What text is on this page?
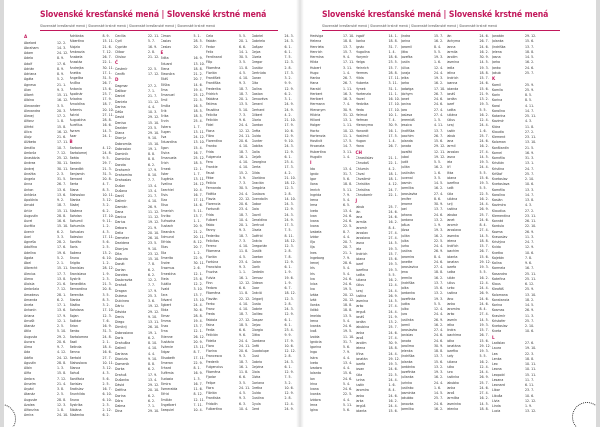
Slovenské kresťanské mená | Slovenské krstné mená
Slovenské kresťanské mená | Slovenské krstné mená | Slovenské kresťanské mená | Slovenské krstné mená
A
Abelard	12. 2.
Abraham	14. 3.
Adam	24. 12.
Adela	8. 9.
Adolf	17. 6.
Adrián	8. 9.
Adriana	8. 9.
Agáta	5. 2.
Agnesa	21. 1.
Alan	9. 3.
Albert	15. 11.
Albína	16. 12.
Alexander	3. 5.
Alexandra	20. 3.
Alexej	17. 2.
Alfonz	1. 8.
Alfréd	15. 8.
Alica	16. 12.
Alojz	21. 6.
Alžbeta	17. 11.
Amália	10. 7.
Ambróz	7. 12.
Anastázia	25. 12.
Andrea	30. 11.
Andrej	30. 11.
Anežka	2. 3.
Angela	31. 5.
Anna	26. 7.
Anton	13. 6.
Antónia	13. 6.
Apolónia	9. 2.
Arnold	18. 7.
Artúr	15. 11.
Augustín	28. 8.
Aurel	16. 6.
Aurélia	15. 10.
Avenir	6. 2.
Axel	3. 3.
Agneša	28. 2.
Adolfína	17. 6.
Adelína	19. 6.
Ágota	5. 2.
Ábel	2. 1.
Albrecht	15. 11.
Alexius	17. 7.
Alena	13. 8.
Aloisia	21. 6.
Ambrózia	7. 12.
Amadeus	28. 1.
Amanda	6. 2.
Aneta	17. 1.
Antonín	13. 6.
Ariana	17. 9.
Arnošt	12. 1.
Atanáz	2. 5.
Atila	5. 10.
Augusta	29. 2.
Aurora	20. 6.
Alma	9. 7.
Ada	4. 12.
Adéla	24. 12.
Agustín	28. 8.
Albín	1. 3.
Alfia	15. 8.
Ambra	7. 12.
Anselm	21. 4.
Arpád	3. 8.
Atanáz	2. 5.
Auguste	28. 8.
Azalea	12. 3.
Alfonzína	1. 8.
Amíra	24. 10.
Adriánka	8. 9.
Albertína	15. 11.
Alojzia	21. 6.
Ambrozia	7. 12.
Anabela	26. 7.
Anastáz	22. 1.
Andrejka	30. 11.
Anetka	17. 1.
Angelika	31. 5.
Anička	26. 7.
Antonia	13. 6.
Apolinár	23. 7.
Ariadna	17. 9.
Arnoldína	18. 7.
Artemis	20. 10.
Astrid	27. 11.
Augustína	28. 8.
Aurélius	16. 6.
Avram	14. 3.
Azar	24. 1.
B
Barbora	4. 12.
Bartolomej	24. 8.
Beáta	9. 5.
Beatrix	29. 7.
Benedikt	21. 3.
Benjamín	31. 3.
Bernard	20. 8.
Berta	4. 7.
Biana	8. 3.
Blahoslav	10. 11.
Blanka	3. 12.
Blažej	3. 2.
Blažena	6. 2.
Bohdan	17. 10.
Bohumil	9. 11.
Bohumila	1. 2.
Bohuslav	4. 3.
Boleslav	17. 11.
Bonifác	5. 6.
Boris	2. 5.
Božena	13. 2.
Bruno	6. 10.
Brigita	1. 2.
Bronislav	28. 12.
Bronislava	1. 9.
Bystrík	2. 3.
Benedikta	21. 3.
Bernardína	20. 8.
Berenika	3. 5.
Bianka	8. 3.
Blažka	3. 2.
Bohdana	17. 10.
Bojan	12. 3.
Božidar	7. 6.
Brian	16. 9.
Benko	31. 3.
Bartolomea	24. 8.
Bazil	2. 1.
Belinda	18. 4.
Benno	16. 6.
Bertold	27. 7.
Blahoslava	10. 11.
Blanca	3. 12.
Bohuš	4. 3.
Bonifácia	5. 6.
Borislav	2. 5.
Bratislav	16. 7.
Brunhilda	6. 10.
Bruna	6. 10.
Bystríka	2. 3.
Bibiána	2. 12.
Blaženka	6. 2.
Cecília	22. 11.
Cyril	5. 7.
Cyprián	16. 9.
Ctibor	2. 8.
Ctislav	21. 12.
Č
Čestmír	22. 5.
Čeněk	17. 12.
D
Dagmar	27. 2.
Dalibor	7. 1.
Daniel	21. 7.
Daniela	11. 12.
Darina	4. 4.
Dáša	10. 3.
David	29. 12.
Denisa	15. 10.
Dezider	23. 5.
Diana	29. 10.
Dionýz	9. 10.
Dobromila	15. 10.
Dobroslav	19. 1.
Dominik	8. 8.
Dominika	8. 8.
Dorota	6. 2.
Drahomír	17. 9.
Drahomíra	8. 10.
Drahoslav	7. 7.
Dušan	13. 4.
Dušana	13. 4.
Daniš	21. 7.
Dalimír	4. 10.
Damián	26. 9.
Dana	11. 12.
Danica	11. 12.
Darius	19. 12.
Debora	21. 9.
Delia	20. 10.
Demeter	26. 10.
Dezidera	23. 5.
Dionýza	9. 10.
Dita	23. 12.
Dobrota	15. 10.
Donát	7. 8.
Dorian	6. 2.
Dorotea	6. 2.
Doubravka	12. 2.
Drahoš	7. 7.
Dragan	17. 9.
Dukesa	25. 3.
Dulcinea	3. 6.
Dáriu	19. 12.
Dávida	29. 12.
Denis	9. 10.
Diego	13. 11.
Dimitrij	26. 10.
Dobroslava	19. 1.
Doris	6. 2.
Drahuška	8. 10.
Dalimil	4. 10.
Dariana	4. 4.
Dionizia	9. 10.
Domenik	8. 8.
Dorka	6. 2.
Drahuš	17. 9.
Dušanka	13. 4.
Dávid	29. 12.
Delfína	20. 10.
Dorina	6. 2.
Dóra	6. 2.
Dalma	7. 1.
Dina	29. 10.
Čimon	5. 1.
Časlav	28. 5.
Česlav	20. 7.
E
Edita	16. 9.
Eduard	13. 10.
Elena	18. 8.
Eleonóra	21. 2.
Eliáš	20. 7.
Eliška	14. 6.
Ema	19. 4.
Emanuel	25. 12.
Emil	22. 5.
Emília	16. 5.
Erik	18. 5.
Erika	18. 5.
Ervín	25. 4.
Estera	1. 7.
Eugen	13. 11.
Eva	24. 12.
Eduardína	13. 10.
Egon	15. 4.
Elvíra	16. 7.
Emanuela	25. 12.
Erich	18. 5.
Ernest	12. 1.
Ester	1. 7.
Eugénia	13. 11.
Evelína	24. 12.
Ezechiel	10. 4.
Elvis	16. 7.
Elza	17. 11.
Elisa	14. 6.
Emerich	5. 11.
Enriko	13. 7.
Eufrozína	1. 1.
Eustach	20. 9.
Eleanóra	21. 2.
Edmund	20. 11.
Elfrída	8. 12.
Elias	20. 7.
Ella	1. 2.
Emerita	22. 9.
Endre	30. 11.
Erazmus	2. 6.
Ernestína	12. 1.
Etela	23. 6.
Eulália	12. 2.
Evald	3. 10.
Ezra	13. 7.
Edvard	13. 10.
Egbert	24. 4.
Elida	30. 6.
Elmar	28. 8.
Emma	19. 4.
Enzo	13. 7.
Erna	12. 1.
Etienne	26. 12.
Eustácia	20. 9.
Evženie	13. 11.
Edgar	8. 7.
Elisabeth	17. 11.
Emeran	22. 9.
Erhard	8. 1.
Eufémia	16. 9.
Eudoxia	1. 3.
Elmira	16. 7.
Esmeralda	11. 6.
Elfrid	8. 12.
Emilián	12. 11.
Engelbert	7. 11.
Ezequiel	10. 4.
Cela	5. 5.
Fabián	20. 1.
Fedor	6. 6.
Felix	14. 1.
Ferdinand	30. 5.
Filip	3. 5.
Filoména	11. 8.
Florián	4. 5.
František	4. 10.
Františka	9. 3.
Frederika	18. 7.
Fridrich	18. 7.
Fabiána	20. 1.
Fatima	13. 5.
Faustína	5. 10.
Felicita	7. 3.
Felicián	9. 6.
Fidel	24. 4.
Fiona	12. 12.
Flóra	24. 11.
Florentína	20. 6.
Franko	4. 10.
Frida	18. 7.
Fulgencia	16. 1.
Fero	4. 10.
Frankie	4. 10.
Faust	15. 2.
Fébe	3. 9.
Felícia	7. 3.
Fernanda	30. 5.
Fidélia	24. 4.
Flavia	22. 12.
Florencia	20. 6.
Fortunát	23. 4.
Frída	18. 7.
Fulbert	10. 4.
Fabio	20. 1.
Fanny	9. 3.
Federiko	18. 7.
Felicitas	7. 3.
Ferenc	4. 10.
Filomena	11. 8.
Florián	4. 5.
Fortúna	23. 4.
Franciska	9. 3.
Fruzína	1. 1.
Fulvia	16. 1.
Finn	12. 12.
Fedora	6. 6.
Filoména	11. 8.
Flavián	22. 12.
Ferko	4. 10.
Franz	4. 10.
Freda	18. 7.
Fabiola	27. 12.
Faina	18. 5.
Fedia	6. 6.
Felícián	9. 6.
Fidelia	24. 4.
Flora	24. 11.
Florina	20. 6.
Francesca	9. 3.
Frederik	18. 7.
Fulgencius	16. 1.
Filoména	11. 8.
Fjodor	6. 6.
Felipe	3. 5.
Fiora	24. 11.
Flórián	4. 5.
Frantiska	9. 3.
Fridolín	6. 3.
Fulbertína	10. 4.
Gabriel	24. 3.
Gabriela	24. 3.
Gašpar	6. 1.
Gejza	6. 1.
Gizela	7. 5.
Gregor	12. 3.
Gustáv	2. 8.
Gertrúda	17. 3.
Goran	3. 2.
Gita	9. 9.
Galina	12. 9.
Gaston	6. 2.
Genovéva	3. 1.
Gerard	24. 9.
Gerhard	24. 9.
Gilbert	4. 2.
Gloria	21. 10.
Gordon	17. 9.
Gréta	10. 6.
Guido	12. 9.
Gunter	9. 10.
Gabika	24. 3.
Galia	12. 9.
Gejzík	6. 1.
Georgína	23. 4.
Gerta	17. 3.
Gilda	4. 2.
Gloriána	21. 10.
Gracián	18. 12.
Gregória	12. 3.
Gustava	2. 8.
Gvendolín	14. 10.
Gabor	24. 3.
Gaia	12. 9.
Gavril	24. 3.
Geraldína	24. 9.
Gertrud	17. 3.
Gisela	7. 5.
Gotfrid	8. 11.
Grácia	18. 12.
Gregorián	12. 3.
Gustík	2. 8.
Gaetan	7. 8.
Galan	12. 9.
Garik	6. 1.
Gedeón	1. 9.
Gervaz	19. 6.
Gideon	1. 9.
Goar	6. 7.
Gráció	18. 12.
Grigorij	12. 3.
Gusto	2. 8.
Gabrie	24. 3.
Galileo	12. 9.
Gaspar	6. 1.
Gejzo	6. 1.
Giorgio	23. 4.
Gitka	9. 9.
Gordana	17. 9.
Gréti	10. 6.
Guadalupe	12. 12.
Gust	2. 8.
Gabrio	24. 3.
Gejzina	6. 1.
Gioia	12. 9.
Gizka	7. 5.
Goriana	3. 2.
Gretka	10. 6.
Guldo	12. 9.
Gustina	2. 8.
Gyula	12. 4.
Gerd	24. 9.
Slovenské kresťanské mená | Slovenské krstné mená
Slovenské kresťanské mená | Slovenské krstné mená | Slovenské kresťanské mená | Slovenské krstné mená
Hedviga	17. 10.
Helena	18. 8.
Henrieta	13. 7.
Henrich	15. 7.
Hermína	9. 4.
Hilda	17. 11.
Hubert	3. 11.
Hugo	1. 4.
Hanka	26. 7.
Hana	26. 7.
Harald	1. 11.
Herbert	16. 3.
Heribert	16. 3.
Hermann	7. 4.
Hieronym	30. 9.
Hilária	31. 12.
Hiliard	13. 1.
Holger	1. 11.
Horác	10. 12.
Hortenzia	11. 1.
Hostivít	17. 5.
Hroznata	14. 7.
Hubertína	3. 11.
Hugolín	1. 4.
I
Ida	13. 4.
Ignác	31. 7.
Igor	5. 6.
Ilona	18. 8.
Imrich	5. 11.
Ingrida	7. 9.
Irena	5. 4.
Irma	6. 5.
Iveta	13. 4.
Ivan	24. 6.
Ivana	24. 6.
Ivona	22. 5.
Izabela	8. 7.
Izidor	4. 4.
Iľja	20. 7.
Ilja	20. 7.
Ines	21. 1.
Ingeborg	7. 9.
Irenej	28. 6.
Irís	5. 4.
Iris	5. 4.
Iva	24. 6.
Ivica	24. 6.
Ivo	19. 5.
Izáka	20. 12.
Izák	20. 12.
Ilonka	18. 8.
Ildikó	18. 8.
Imelda	13. 5.
Irena	5. 4.
Ivanka	24. 6.
Ivoš	19. 5.
Izolda	11. 10.
Ignácia	31. 7.
Igorina	5. 6.
Ingo	7. 9.
Iskra	4. 4.
Iveta	13. 4.
Izadora	4. 4.
Iolanta	15. 6.
Ion	24. 6.
Irina	5. 4.
Ivana	24. 6.
Ivonka	22. 5.
Izidora	4. 4.
Imra	5. 11.
Igina	5. 6.
Ingolf	14. 1.
Ilonka	18. 8.
Ignác	31. 7.
Hugolína	1. 4.
Horymír	18. 6.
Helga	23. 5.
Heinrich	15. 7.
Hermes	28. 8.
Hilda	17. 11.
Huberta	3. 11.
Hynek	31. 1.
Hortenzia	11. 1.
Havel	16. 10.
Hedvika	17. 10.
Heda	17. 10.
Helmut	10. 1.
Heřman	7. 4.
Hieronyma	30. 9.
Honorát	16. 1.
Hostimil	17. 5.
Hugon	1. 4.
Hana	26. 7.
CH
Chrastislav	21. 1.
Chrudoš	22. 1.
Chlumín	4. 2.
Chval	18. 1.
Chvalimír	18. 1.
Christián	4. 12.
Christína	24. 7.
Chrudomír	22. 1.
J
Jakub	25. 7.
Ján	24. 6.
Jana	24. 6.
Jarmila	16. 2.
Jaromír	8. 4.
Jaroslav	27. 4.
Jaroslava	27. 4.
Jasna	14. 5.
Jela	19. 3.
Jindrich	15. 7.
Jolana	15. 6.
Jozef	19. 3.
Jozefína	19. 3.
Judita	5. 5.
Juliana	16. 2.
Július	12. 4.
Juraj	24. 4.
Justína	26. 9.
Jasmína	14. 5.
Jarko	27. 4.
Jerguš	24. 4.
Jonáš	21. 9.
Jordán	13. 2.
Jakubina	25. 7.
Janka	24. 6.
Jaroš	27. 4.
Jarolím	30. 9.
Jelena	18. 8.
Jiřina	24. 4.
Jonatán	29. 12.
Jozefa	19. 3.
Jovan	24. 6.
Júlia	22. 5.
Jurina	24. 4.
Justín	1. 6.
Jaromíra	8. 4.
Janko	24. 6.
Jarka	16. 2.
Jergúš	24. 4.
Jolanta	15. 6.
Jindra	15. 7.
Jarina	16. 2.
Jaromil	8. 4.
Jitka	5. 5.
Jozefka	19. 3.
Justin	1. 6.
Július	12. 4.
Juraja	24. 4.
Jelka	19. 3.
Jarka	16. 2.
Jadwiga	17. 10.
Jáchym	26. 7.
Janet	24. 6.
Janina	24. 6.
Jaro	27. 4.
Jaslava	27. 4.
Jeremiáš	1. 5.
Jessica	4. 11.
Jindřiška	13. 7.
Joachim	26. 7.
Jolanda	15. 6.
Jonata	29. 12.
Jozafát	12. 11.
Jubal	19. 12.
Judit	5. 5.
Julián	16. 2.
Justinián	1. 6.
Juvenal	3. 5.
Jasmin	14. 5.
Jarmilka	16. 2.
Jaroslavka	27. 4.
Jenifer	8. 6.
Jerome	30. 9.
Joel	13. 7.
Johana	24. 6.
Jordana	13. 2.
Jošua	1. 9.
Józsa	19. 3.
Julián	16. 2.
Julka	22. 5.
Jurko	24. 4.
Justina	26. 9.
Jaromiro	8. 4.
Janette	24. 6.
Jaroslavica	27. 4.
Jena	18. 8.
Jermila	16. 2.
Jindriška	13. 7.
Jolka	15. 6.
Jordanka	13. 2.
Jozefinka	19. 3.
Judka	5. 5.
Julko	12. 4.
Juro	24. 4.
Justínka	26. 9.
Jarmil	16. 2.
Jaroslavko	27. 4.
Janislav	24. 6.
Janota	24. 6.
Jarolíma	30. 9.
Jelenka	18. 8.
Jindriška	13. 7.
Jolanka	15. 6.
Jordánka	13. 2.
Jozefinka	19. 3.
Julianka	16. 2.
Jurinka	24. 4.
Justínko	1. 6.
Jasminka	14. 5.
Jakubko	25. 7.
Janovka	24. 6.
Jarmilko	16. 2.
Ján	24. 6.
Jáchyma	26. 7.
Janna	24. 6.
Jarmila	16. 2.
Jarolím	30. 9.
Jasmina	14. 5.
Jedla	19. 3.
Jelina	18. 8.
Jindrich	15. 7.
Joanna	24. 6.
Jolanda	15. 6.
Jonáš	21. 9.
Jordán	13. 2.
Jozef	19. 3.
Judita	5. 5.
Juliána	16. 2.
Július	12. 4.
Juraj	24. 4.
Justín	1. 6.
Jakub	25. 7.
Jana	24. 6.
Jarmil	16. 2.
Jaroslav	27. 4.
Jasna	14. 5.
Jela	19. 3.
Jiří	24. 4.
Jitka	5. 5.
Jolana	15. 6.
Jozefína	19. 3.
Judit	5. 5.
Júlia	22. 5.
Juliána	16. 2.
Jurij	24. 4.
Justína	26. 9.
Jakuba	25. 7.
Janet	24. 6.
Jaromír	8. 4.
Jaroslava	27. 4.
Jasenka	14. 5.
Jelena	18. 8.
Jindřich	15. 7.
Joachim	26. 7.
Jolanta	15. 6.
Jonatan	29. 12.
Jozefa	19. 3.
Judka	5. 5.
Julián	16. 2.
Julius	12. 4.
Jurko	24. 4.
Justina	26. 9.
Jáno	24. 6.
Janko	24. 6.
Jaromíra	8. 4.
Jarko	27. 4.
Jasmín	14. 5.
Jelka	19. 3.
Jindra	15. 7.
Joachima	26. 7.
Jolka	15. 6.
Jonatána	29. 12.
Jozefka	19. 3.
Judy	5. 5.
Juliana	16. 2.
Julko	12. 4.
Juro	24. 4.
Justinka	26. 9.
Jakubko	25. 7.
Janka	24. 6.
Jaroš	27. 4.
Jarmilka	16. 2.
Jasminka	14. 5.
Jelenka	18. 8.
Jonatán	29. 12.
Jolanka	15. 6.
Jindriška	13. 7.
Jelena	18. 8.
Jasna	14. 5.
Jarka	16. 2.
Janko	24. 6.
Jakub	25. 7.
K
Kamil	25. 9.
Kamila	25. 9.
Karin	8. 5.
Karina	8. 5.
Karol	4. 11.
Karolína	14. 7.
Katarína	25. 11.
Kazimír	4. 3.
Klára	11. 8.
Klaudia	27. 2.
Klement	23. 11.
Koloman	13. 10.
Konštantín	21. 5.
Kornel	16. 9.
Kornélia	31. 3.
Kristián	13. 1.
Kristína	24. 7.
Krištof	25. 7.
Kvetoslav	2. 10.
Kvetoslava	10. 6.
Kamélia	13. 3.
Karolína	14. 7.
Kasián	13. 8.
Kazimíra	4. 3.
Klaudius	27. 2.
Klementína	23. 11.
Konrád	26. 11.
Kordula	22. 10.
Kozma	26. 9.
Krasoslav	11. 3.
Kristýna	24. 7.
Kvido	12. 9.
Kvetka	10. 6.
Kajetán	7. 8.
Kalina	9. 6.
Karmela	16. 7.
Kasandra	25. 11.
Kateřina	25. 11.
Klaus	6. 12.
Kleofáš	25. 9.
Kolomana	13. 10.
Konstancia	18. 2.
Korina	14. 5.
Kosmas	26. 9.
Krasimír	11. 3.
Kristofer	25. 7.
Kvetoslav	2. 10.
Kveta	10. 6.
L
Ladislav	27. 6.
Laura	19. 10.
Lea	22. 3.
Lenka	18. 8.
Leo	10. 11.
Leona	10. 11.
Leopold	15. 11.
Lesana	11. 7.
Leonard	6. 11.
Libor	23. 7.
Libuša	10. 6.
Lívia	12. 12.
Linda	1. 9.
Lucia	13. 12.
